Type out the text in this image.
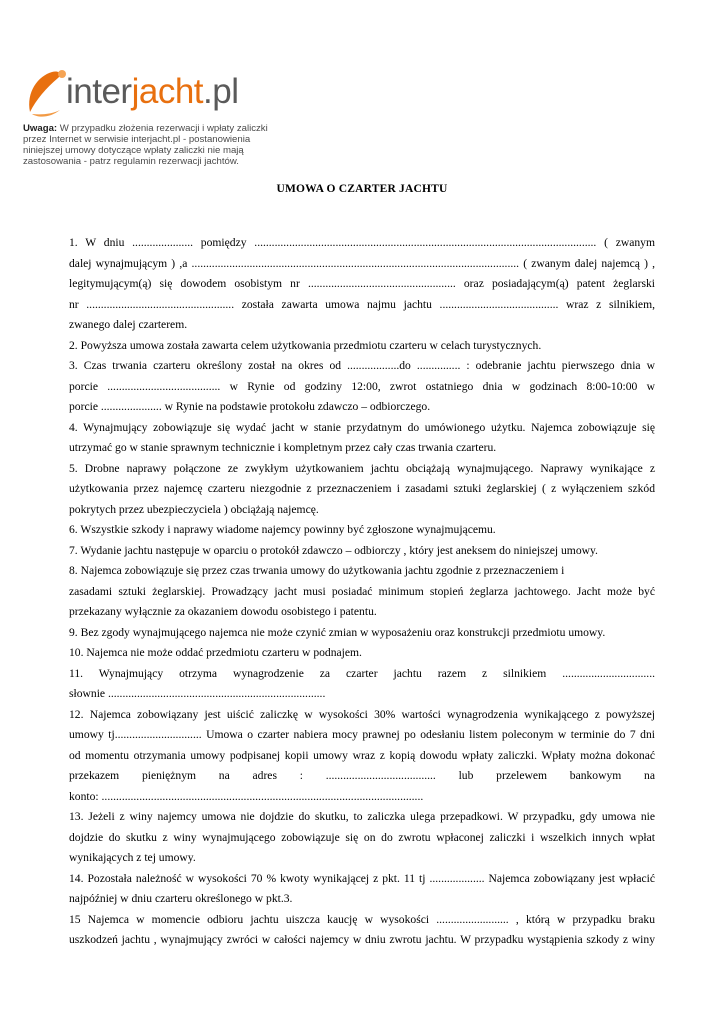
interjacht.pl
Uwaga: W przypadku złożenia rezerwacji i wpłaty zaliczki przez Internet w serwisie interjacht.pl - postanowienia niniejszej umowy dotyczące wpłaty zaliczki nie mają zastosowania - patrz regulamin rezerwacji jachtów.
UMOWA O CZARTER JACHTU
1. W dniu ..................... pomiędzy ...................................................................................................................... ( zwanym
dalej wynajmującym ) ,a ................................................................................................................. ( zwanym dalej najemcą ) ,
legitymującym(ą) się dowodem osobistym nr ................................................... oraz posiadającym(ą) patent żeglarski
nr ................................................... została zawarta umowa najmu jachtu ......................................... wraz z silnikiem,
zwanego dalej czarterem.
2. Powyższa umowa została zawarta celem użytkowania przedmiotu czarteru w celach turystycznych.
3. Czas trwania czarteru określony został na okres od ..................do ............... : odebranie jachtu pierwszego dnia w
porcie ....................................... w Rynie od godziny 12:00, zwrot ostatniego dnia w godzinach 8:00-10:00 w
porcie ..................... w Rynie na podstawie protokołu zdawczo – odbiorczego.
4. Wynajmujący zobowiązuje się wydać jacht w stanie przydatnym do umówionego użytku. Najemca zobowiązuje się
utrzymać go w stanie sprawnym technicznie i kompletnym przez cały czas trwania czarteru.
5. Drobne naprawy połączone ze zwykłym użytkowaniem jachtu obciążają wynajmującego. Naprawy wynikające z
użytkowania przez najemcę czarteru niezgodnie z przeznaczeniem i zasadami sztuki żeglarskiej ( z wyłączeniem szkód
pokrytych przez ubezpieczyciela ) obciążają najemcę.
6. Wszystkie szkody i naprawy wiadome najemcy powinny być zgłoszone wynajmującemu.
7. Wydanie jachtu następuje w oparciu o protokół zdawczo – odbiorczy , który jest aneksem do niniejszej umowy.
8. Najemca zobowiązuje się przez czas trwania umowy do użytkowania jachtu zgodnie z przeznaczeniem i
zasadami sztuki żeglarskiej. Prowadzący jacht musi posiadać minimum stopień żeglarza jachtowego. Jacht może być
przekazany wyłącznie za okazaniem dowodu osobistego i patentu.
9. Bez zgody wynajmującego najemca nie może czynić zmian w wyposażeniu oraz konstrukcji przedmiotu umowy.
10. Najemca nie może oddać przedmiotu czarteru w podnajem.
11. Wynajmujący otrzyma wynagrodzenie za czarter jachtu razem z silnikiem ................................
słownie ...........................................................................
12. Najemca zobowiązany jest uiścić zaliczkę w wysokości 30% wartości wynagrodzenia wynikającego z powyższej
umowy tj.............................. Umowa o czarter nabiera mocy prawnej po odesłaniu listem poleconym w terminie do 7 dni
od momentu otrzymania umowy podpisanej kopii umowy wraz z kopią dowodu wpłaty zaliczki. Wpłaty można dokonać
przekazem pieniężnym na adres : ...................................... lub przelewem bankowym na
konto: ...............................................................................................................
13. Jeżeli z winy najemcy umowa nie dojdzie do skutku, to zaliczka ulega przepadkowi. W przypadku, gdy umowa nie
dojdzie do skutku z winy wynajmującego zobowiązuje się on do zwrotu wpłaconej zaliczki i wszelkich innych wpłat
wynikających z tej umowy.
14. Pozostała należność w wysokości 70 % kwoty wynikającej z pkt. 11 tj ................... Najemca zobowiązany jest wpłacić
najpóźniej w dniu czarteru określonego w pkt.3.
15 Najemca w momencie odbioru jachtu uiszcza kaucję w wysokości ......................... , którą w przypadku braku
uszkodzeń jachtu , wynajmujący zwróci w całości najemcy w dniu zwrotu jachtu. W przypadku wystąpienia szkody z winy
